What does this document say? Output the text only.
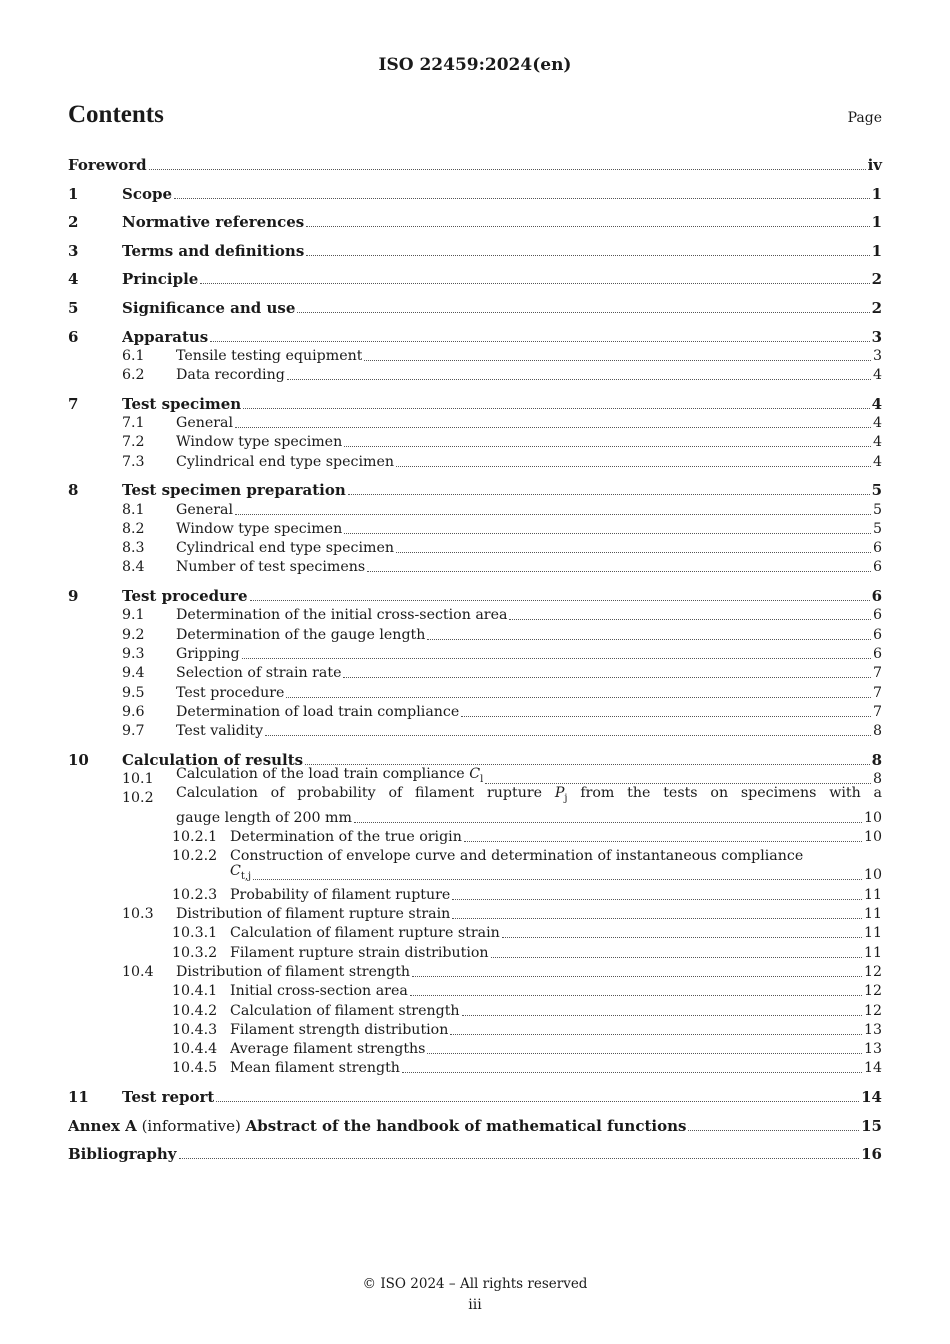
ISO 22459:2024(en)
Contents	Page
Foreword	iv
1	Scope	1
2	Normative references	1
3	Terms and definitions	1
4	Principle	2
5	Significance and use	2
6	Apparatus	3
6.1	Tensile testing equipment	3
6.2	Data recording	4
7	Test specimen	4
7.1	General	4
7.2	Window type specimen	4
7.3	Cylindrical end type specimen	4
8	Test specimen preparation	5
8.1	General	5
8.2	Window type specimen	5
8.3	Cylindrical end type specimen	6
8.4	Number of test specimens	6
9	Test procedure	6
9.1	Determination of the initial cross-section area	6
9.2	Determination of the gauge length	6
9.3	Gripping	6
9.4	Selection of strain rate	7
9.5	Test procedure	7
9.6	Determination of load train compliance	7
9.7	Test validity	8
10	Calculation of results	8
10.1	Calculation of the load train compliance $C_l$	8
10.2	Calculation of probability of filament rupture $P_j$ from the tests on specimens with a
gauge length of 200 mm	10
10.2.1 Determination of the true origin	10
10.2.2 Construction of envelope curve and determination of instantaneous compliance
$C_{t,j}$	10
10.2.3 Probability of filament rupture	11
10.3	Distribution of filament rupture strain	11
10.3.1 Calculation of filament rupture strain	11
10.3.2 Filament rupture strain distribution	11
10.4	Distribution of filament strength	12
10.4.1 Initial cross-section area	12
10.4.2 Calculation of filament strength	12
10.4.3 Filament strength distribution	13
10.4.4 Average filament strengths	13
10.4.5 Mean filament strength	14
11	Test report	14
Annex A (informative) Abstract of the handbook of mathematical functions	15
Bibliography	16
© ISO 2024 – All rights reserved
iii
